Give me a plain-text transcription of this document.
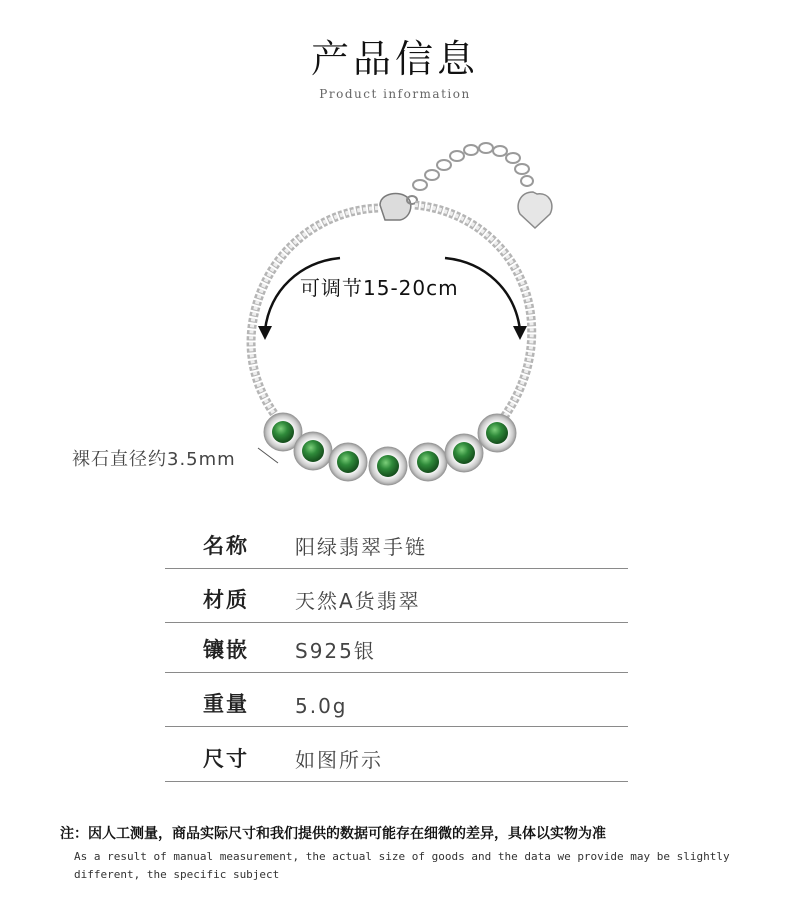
产品信息
Product information
可调节15-20cm
裸石直径约3.5mm
名称 阳绿翡翠手链
材质 天然A货翡翠
镶嵌 S925银
重量 5.0g
尺寸 如图所示
注：因人工测量，商品实际尺寸和我们提供的数据可能存在细微的差异，具体以实物为准
As a result of manual measurement, the actual size of goods and the data we provide may be slightly different, the specific subject
